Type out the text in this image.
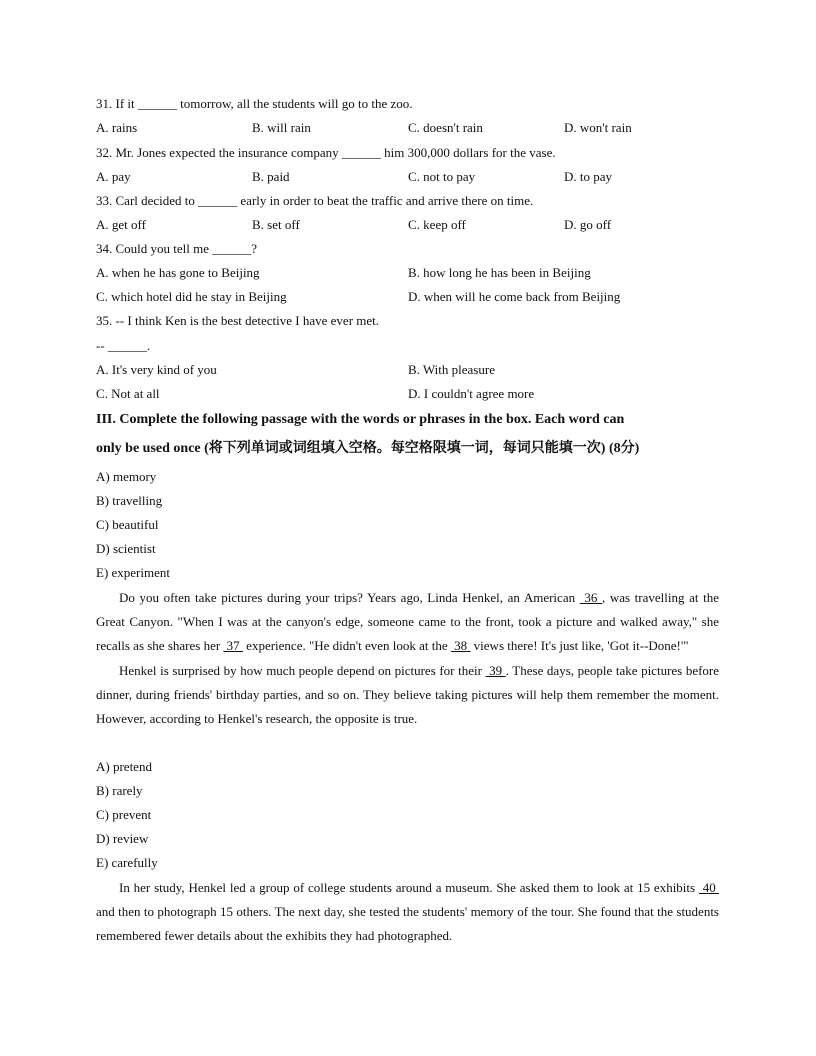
31. If it ______ tomorrow, all the students will go to the zoo.
A. rains	B. will rain	C. doesn't rain	D. won't rain
32. Mr. Jones expected the insurance company ______ him 300,000 dollars for the vase.
A. pay	B. paid	C. not to pay	D. to pay
33. Carl decided to ______ early in order to beat the traffic and arrive there on time.
A. get off	B. set off	C. keep off	D. go off
34. Could you tell me ______?
A. when he has gone to Beijing	B. how long he has been in Beijing
C. which hotel did he stay in Beijing	D. when will he come back from Beijing
35. -- I think Ken is the best detective I have ever met.
-- ______.
A. It's very kind of you	B. With pleasure
C. Not at all	D. I couldn't agree more
III. Complete the following passage with the words or phrases in the box. Each word can
only be used once (将下列单词或词组填入空格。每空格限填一词，每词只能填一次) (8分)
A) memory
B) travelling
C) beautiful
D) scientist
E) experiment

Do you often take pictures during your trips? Years ago, Linda Henkel, an American  36 , was travelling at the Great Canyon. "When I was at the canyon's edge, someone came to the front, took a picture and walked away," she recalls as she shares her  37  experience. "He didn't even look at the  38  views there! It's just like, 'Got it--Done!'"

Henkel is surprised by how much people depend on pictures for their  39 . These days, people take pictures before dinner, during friends' birthday parties, and so on. They believe taking pictures will help them remember the moment. However, according to Henkel's research, the opposite is true.

A) pretend
B) rarely
C) prevent
D) review
E) carefully

In her study, Henkel led a group of college students around a museum. She asked them to look at 15 exhibits  40  and then to photograph 15 others. The next day, she tested the students' memory of the tour. She found that the students remembered fewer details about the exhibits they had photographed.
